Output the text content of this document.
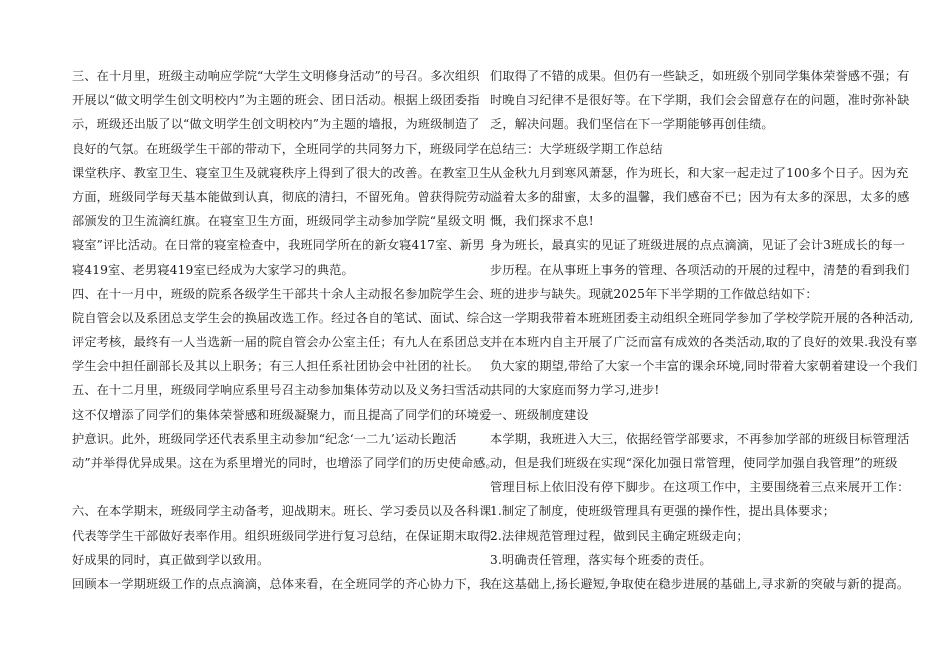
三、在十月里，班级主动响应学院“大学生文明修身活动”的号召。多次组织
开展以“做文明学生创文明校内”为主题的班会、团日活动。根据上级团委指
示，班级还出版了以“做文明学生创文明校内”为主题的墙报，为班级制造了
良好的气氛。在班级学生干部的带动下，全班同学的共同努力下，班级同学在
课堂秩序、教室卫生、寝室卫生及就寝秩序上得到了很大的改善。在教室卫生
方面，班级同学每天基本能做到认真，彻底的清扫，不留死角。曾获得院劳动
部颁发的卫生流滴红旗。在寝室卫生方面，班级同学主动参加学院“星级文明
寝室”评比活动。在日常的寝室检查中，我班同学所在的新女寝417室、新男
寝419室、老男寝419室已经成为大家学习的典范。
四、在十一月中，班级的院系各级学生干部共十余人主动报名参加院学生会、
院自管会以及系团总支学生会的换届改选工作。经过各自的笔试、面试、综合
评定考核，最终有一人当选新一届的院自管会办公室主任；有九人在系团总支
学生会中担任副部长及其以上职务；有三人担任系社团协会中社团的社长。
五、在十二月里，班级同学响应系里号召主动参加集体劳动以及义务扫雪活动。
这不仅增添了同学们的集体荣誉感和班级凝聚力，而且提高了同学们的环境爱
护意识。此外，班级同学还代表系里主动参加“纪念‘一二九’运动长跑活
动”并举得优异成果。这在为系里增光的同时，也增添了同学们的历史使命感。
六、在本学期末，班级同学主动备考，迎战期末。班长、学习委员以及各科课
代表等学生干部做好表率作用。组织班级同学进行复习总结，在保证期末取得
好成果的同时，真正做到学以致用。
回顾本一学期班级工作的点点滴滴，总体来看，在全班同学的齐心协力下，我
们取得了不错的成果。但仍有一些缺乏，如班级个别同学集体荣誉感不强；有
时晚自习纪律不是很好等。在下学期，我们会会留意存在的问题，准时弥补缺
乏，解决问题。我们坚信在下一学期能够再创佳绩。
总结三：大学班级学期工作总结
从金秋九月到寒风萧瑟，作为班长，和大家一起走过了100多个日子。因为充
溢着太多的甜蜜，太多的温馨，我们感奋不已；因为有太多的深思，太多的感
慨，我们探求不息!
身为班长，最真实的见证了班级进展的点点滴滴，见证了会计3班成长的每一
步历程。在从事班上事务的管理、各项活动的开展的过程中，清楚的看到我们
班的进步与缺失。现就2025年下半学期的工作做总结如下：
这一学期我带着本班班团委主动组织全班同学参加了学校学院开展的各种活动,
并在本班内自主开展了广泛而富有成效的各类活动,取的了良好的效果.我没有辜
负大家的期望,带给了大家一个丰富的课余环境,同时带着大家朝着建设一个我们
共同的大家庭而努力学习,进步!
一、班级制度建设
本学期，我班进入大三，依据经管学部要求，不再参加学部的班级目标管理活
动，但是我们班级在实现“深化加强日常管理，使同学加强自我管理”的班级
管理目标上依旧没有停下脚步。在这项工作中，主要围绕着三点来展开工作：
1.制定了制度，使班级管理具有更强的操作性，提出具体要求；
2.法律规范管理过程，做到民主确定班级走向；
3.明确责任管理，落实每个班委的责任。
在这基础上,扬长避短,争取使在稳步进展的基础上,寻求新的突破与新的提高。
